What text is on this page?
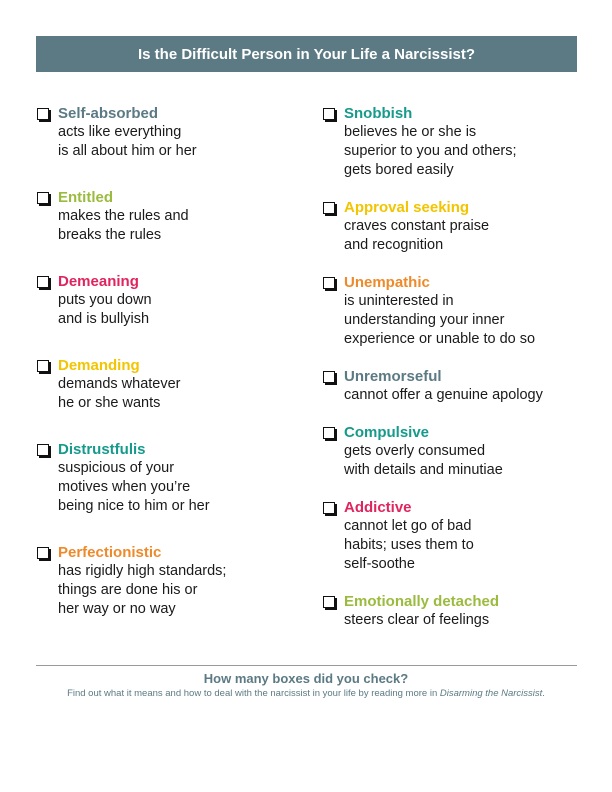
Is the Difficult Person in Your Life a Narcissist?
Self-absorbed
acts like everything
is all about him or her
Entitled
makes the rules and
breaks the rules
Demeaning
puts you down
and is bullyish
Demanding
demands whatever
he or she wants
Distrustfulis
suspicious of your
motives when you’re
being nice to him or her
Perfectionistic
has rigidly high standards;
things are done his or
her way or no way
Snobbish
believes he or she is
superior to you and others;
gets bored easily
Approval seeking
craves constant praise
and recognition
Unempathic
is uninterested in
understanding your inner
experience or unable to do so
Unremorseful
cannot offer a genuine apology
Compulsive
gets overly consumed
with details and minutiae
Addictive
cannot let go of bad
habits; uses them to
self-soothe
Emotionally detached
steers clear of feelings
How many boxes did you check?
Find out what it means and how to deal with the narcissist in your life by reading more in Disarming the Narcissist.
